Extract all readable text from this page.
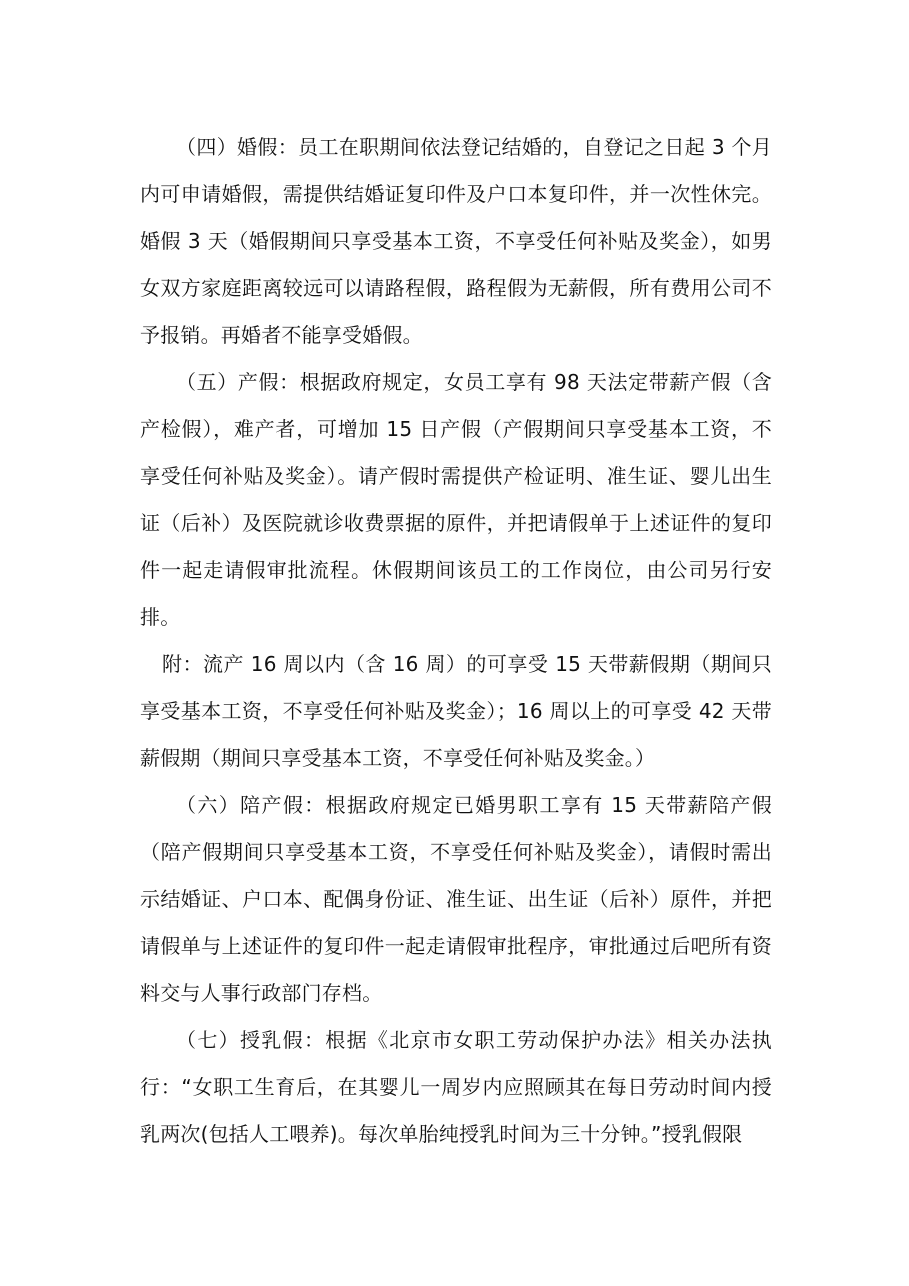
（四）婚假：员工在职期间依法登记结婚的，自登记之日起 3 个月内可申请婚假，需提供结婚证复印件及户口本复印件，并一次性休完。婚假 3 天（婚假期间只享受基本工资，不享受任何补贴及奖金），如男女双方家庭距离较远可以请路程假，路程假为无薪假，所有费用公司不予报销。再婚者不能享受婚假。

（五）产假：根据政府规定，女员工享有 98 天法定带薪产假（含产检假），难产者，可增加 15 日产假（产假期间只享受基本工资，不享受任何补贴及奖金）。请产假时需提供产检证明、准生证、婴儿出生证（后补）及医院就诊收费票据的原件，并把请假单于上述证件的复印件一起走请假审批流程。休假期间该员工的工作岗位，由公司另行安排。

附：流产 16 周以内（含 16 周）的可享受 15 天带薪假期（期间只享受基本工资，不享受任何补贴及奖金）；16 周以上的可享受 42 天带薪假期（期间只享受基本工资，不享受任何补贴及奖金。）

（六）陪产假：根据政府规定已婚男职工享有 15 天带薪陪产假（陪产假期间只享受基本工资，不享受任何补贴及奖金），请假时需出示结婚证、户口本、配偶身份证、准生证、出生证（后补）原件，并把请假单与上述证件的复印件一起走请假审批程序，审批通过后吧所有资料交与人事行政部门存档。

（七）授乳假：根据《北京市女职工劳动保护办法》相关办法执行：“女职工生育后，在其婴儿一周岁内应照顾其在每日劳动时间内授乳两次(包括人工喂养)。每次单胎纯授乳时间为三十分钟。”授乳假限
